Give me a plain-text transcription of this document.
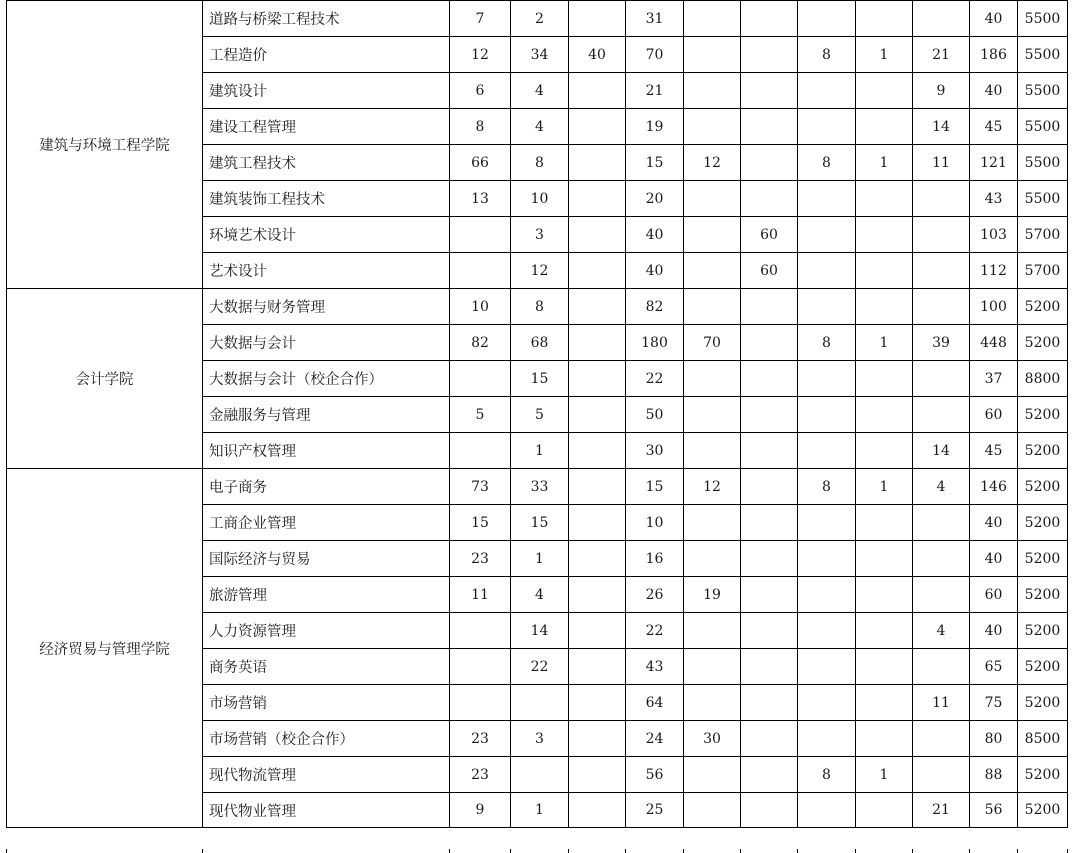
建筑与环境工程学院	道路与桥梁工程技术	7	2		31						40	5500
	工程造价	12	34	40	70			8	1	21	186	5500
	建筑设计	6	4		21					9	40	5500
	建设工程管理	8	4		19					14	45	5500
	建筑工程技术	66	8		15	12		8	1	11	121	5500
	建筑装饰工程技术	13	10		20						43	5500
	环境艺术设计		3		40		60				103	5700
	艺术设计		12		40		60				112	5700
会计学院	大数据与财务管理	10	8		82						100	5200
	大数据与会计	82	68		180	70		8	1	39	448	5200
	大数据与会计（校企合作）		15		22						37	8800
	金融服务与管理	5	5		50						60	5200
	知识产权管理		1		30					14	45	5200
经济贸易与管理学院	电子商务	73	33		15	12		8	1	4	146	5200
	工商企业管理	15	15		10						40	5200
	国际经济与贸易	23	1		16						40	5200
	旅游管理	11	4		26	19					60	5200
	人力资源管理		14		22					4	40	5200
	商务英语		22		43						65	5200
	市场营销				64					11	75	5200
	市场营销（校企合作）	23	3		24	30					80	8500
	现代物流管理	23			56			8	1		88	5200
	现代物业管理	9	1		25					21	56	5200
